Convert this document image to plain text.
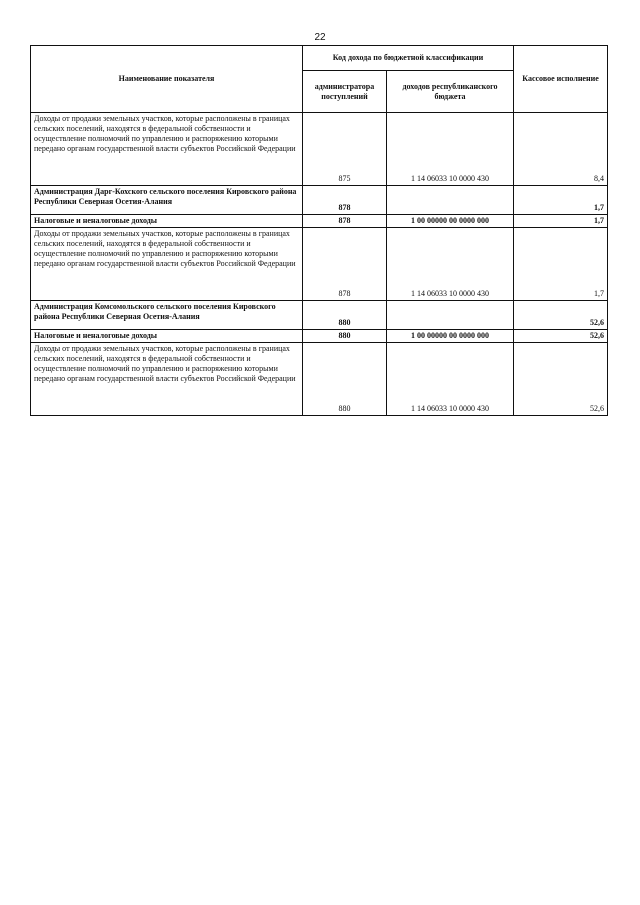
22
Наименование показателя	Код дохода по бюджетной классификации		Кассовое исполнение
	администратора поступлений	доходов республиканского бюджета	
Доходы от продажи земельных участков, которые расположены в границах сельских поселений, находятся в федеральной собственности и осуществление полномочий по управлению и распоряжению которыми передано органам государственной власти субъектов Российской Федерации	875	1 14 06033 10 0000 430	8,4
Администрация Дарг-Кохского сельского поселения Кировского района Республики Северная Осетия-Алания	878		1,7
Налоговые и неналоговые доходы	878	1 00 00000 00 0000 000	1,7
Доходы от продажи земельных участков, которые расположены в границах сельских поселений, находятся в федеральной собственности и осуществление полномочий по управлению и распоряжению которыми передано органам государственной власти субъектов Российской Федерации	878	1 14 06033 10 0000 430	1,7
Администрация Комсомольского сельского поселения Кировского района Республики Северная Осетия-Алания	880		52,6
Налоговые и неналоговые доходы	880	1 00 00000 00 0000 000	52,6
Доходы от продажи земельных участков, которые расположены в границах сельских поселений, находятся в федеральной собственности и осуществление полномочий по управлению и распоряжению которыми передано органам государственной власти субъектов Российской Федерации	880	1 14 06033 10 0000 430	52,6
